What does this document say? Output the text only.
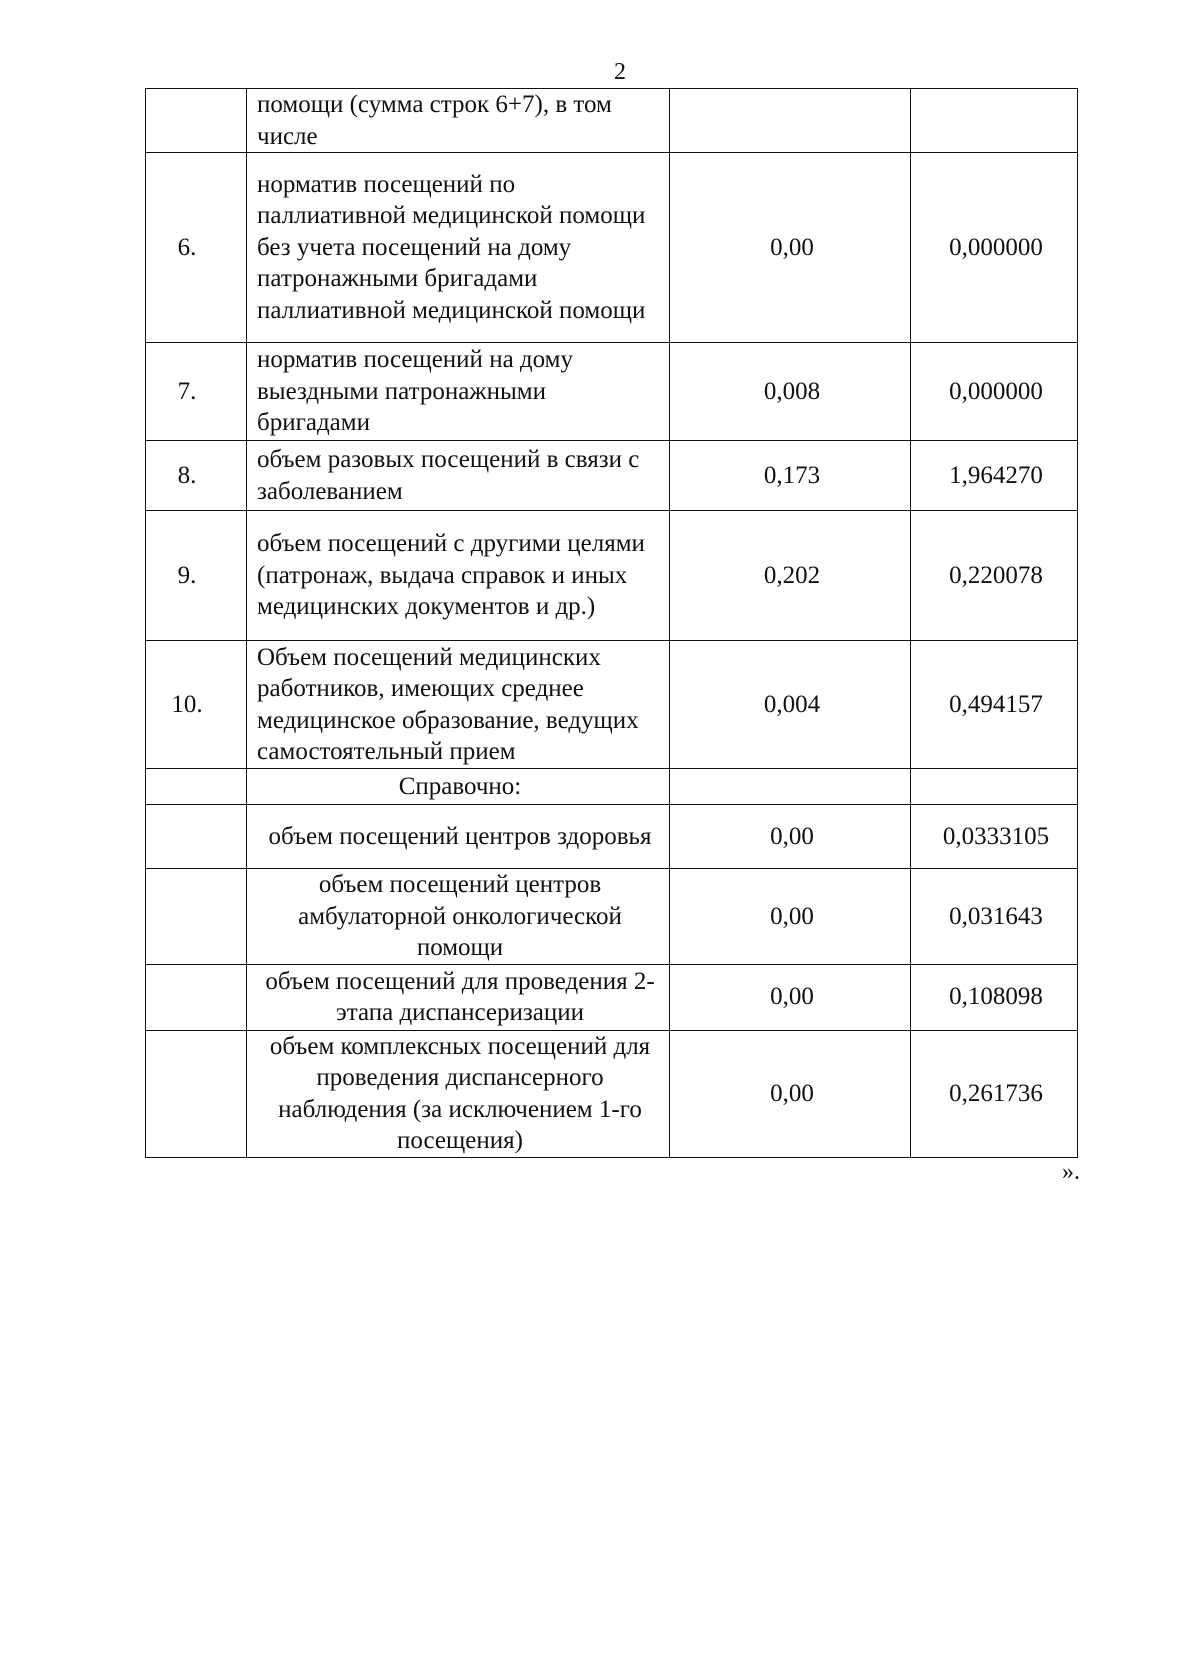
2
	помощи (сумма строк 6+7), в том числе		

6.	норматив посещений по паллиативной медицинской помощи без учета посещений на дому патронажными бригадами паллиативной медицинской помощи	0,00	0,000000

7.	норматив посещений на дому выездными патронажными бригадами	0,008	0,000000

8.	объем разовых посещений в связи с заболеванием	0,173	1,964270

9.	объем посещений с другими целями (патронаж, выдача справок и иных медицинских документов и др.)	0,202	0,220078

10.	Объем посещений медицинских работников, имеющих среднее медицинское образование, ведущих самостоятельный прием	0,004	0,494157

	Справочно:		

	объем посещений центров здоровья	0,00	0,0333105

	объем посещений центров амбулаторной онкологической помощи	0,00	0,031643

	объем посещений для проведения 2-этапа диспансеризации	0,00	0,108098

	объем комплексных посещений для проведения диспансерного наблюдения (за исключением 1-го посещения)	0,00	0,261736
».
